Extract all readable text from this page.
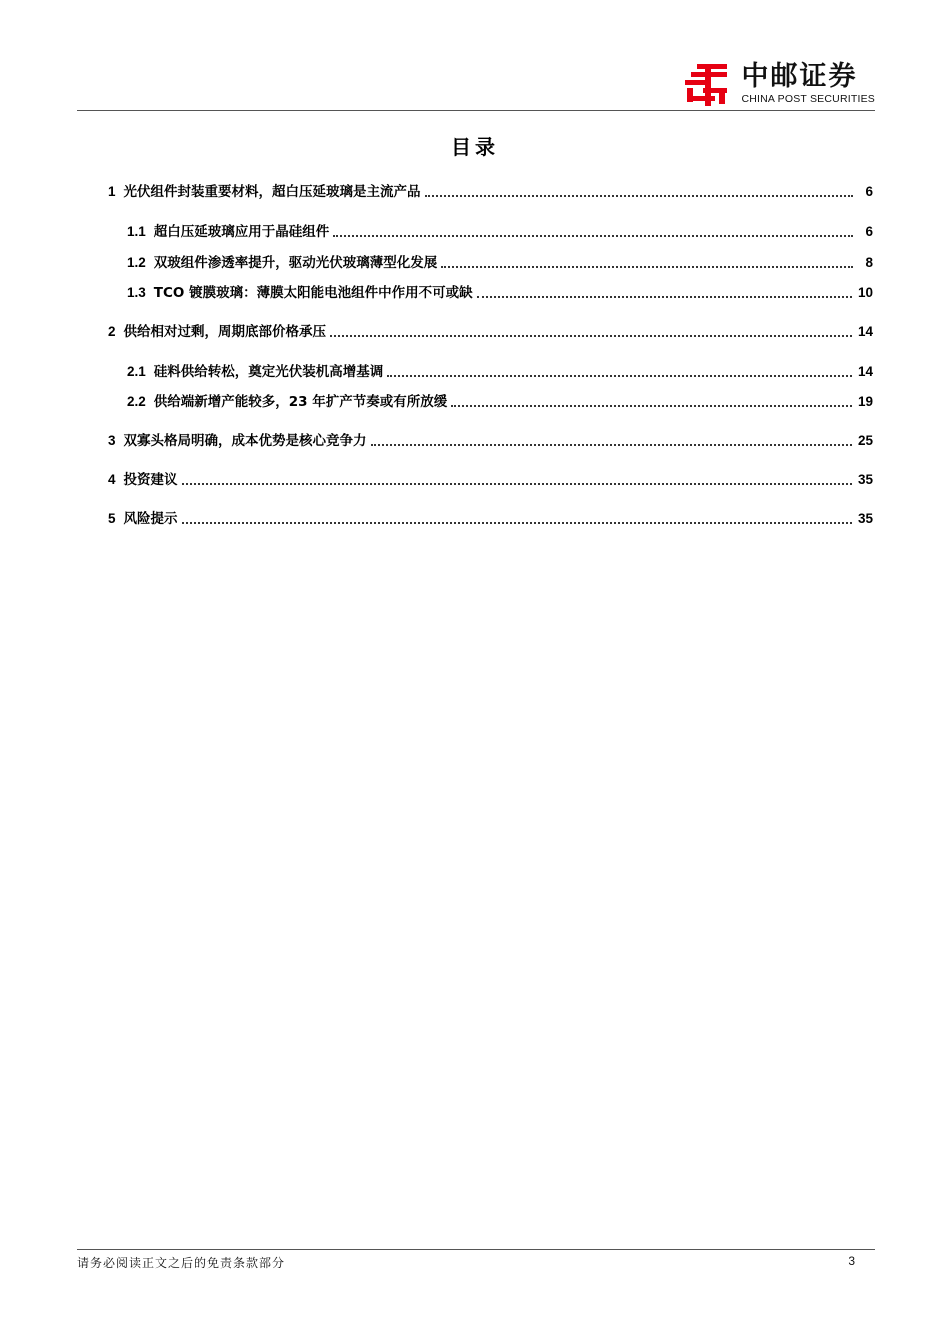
中邮证券
CHINA POST SECURITIES
目录
1 光伏组件封装重要材料，超白压延玻璃是主流产品	6
1.1 超白压延玻璃应用于晶硅组件	6
1.2 双玻组件渗透率提升，驱动光伏玻璃薄型化发展	8
1.3 TCO 镀膜玻璃：薄膜太阳能电池组件中作用不可或缺	10
2 供给相对过剩，周期底部价格承压	14
2.1 硅料供给转松，奠定光伏装机高增基调	14
2.2 供给端新增产能较多，23 年扩产节奏或有所放缓	19
3 双寡头格局明确，成本优势是核心竞争力	25
4 投资建议	35
5 风险提示	35
请务必阅读正文之后的免责条款部分	3
